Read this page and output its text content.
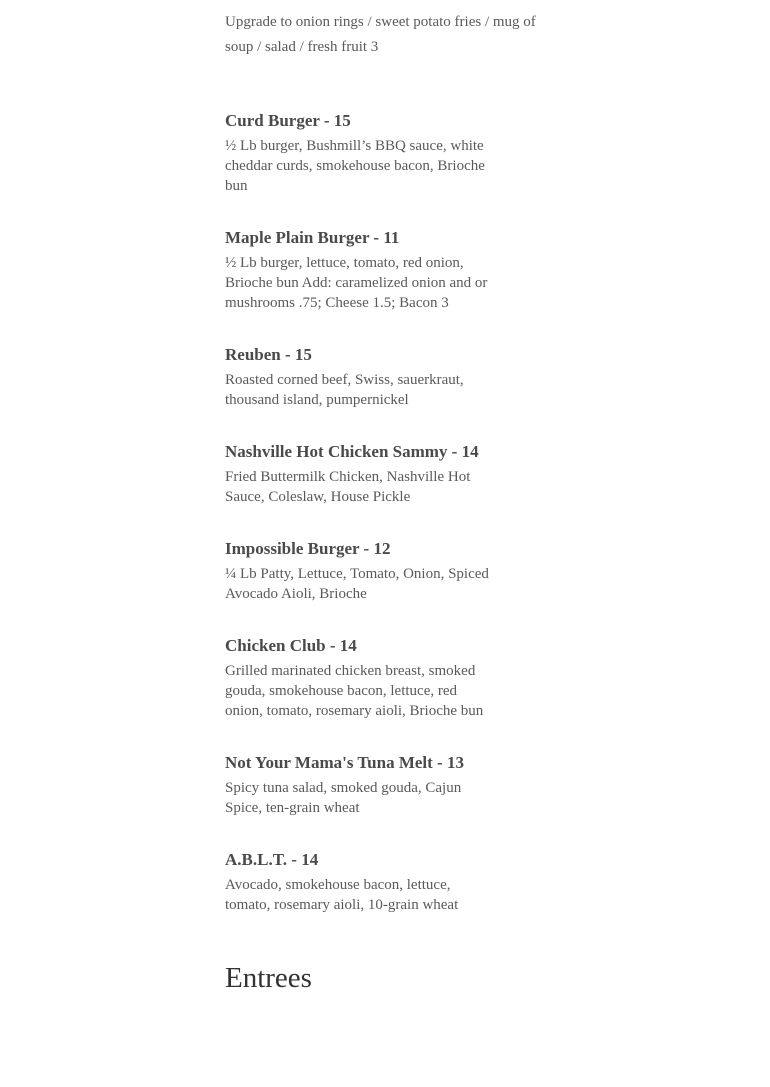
Upgrade to onion rings / sweet potato fries / mug of soup / salad / fresh fruit 3

Curd Burger - 15
½ Lb burger, Bushmill’s BBQ sauce, white cheddar curds, smokehouse bacon, Brioche bun
Maple Plain Burger - 11
½ Lb burger, lettuce, tomato, red onion, Brioche bun Add: caramelized onion and or mushrooms .75; Cheese 1.5; Bacon 3
Reuben - 15
Roasted corned beef, Swiss, sauerkraut, thousand island, pumpernickel
Nashville Hot Chicken Sammy - 14
Fried Buttermilk Chicken, Nashville Hot Sauce, Coleslaw, House Pickle
Impossible Burger - 12
¼ Lb Patty, Lettuce, Tomato, Onion, Spiced Avocado Aioli, Brioche
Chicken Club - 14
Grilled marinated chicken breast, smoked gouda, smokehouse bacon, lettuce, red onion, tomato, rosemary aioli, Brioche bun
Not Your Mama's Tuna Melt - 13
Spicy tuna salad, smoked gouda, Cajun Spice, ten-grain wheat
A.B.L.T. - 14
Avocado, smokehouse bacon, lettuce, tomato, rosemary aioli, 10-grain wheat
Entrees
